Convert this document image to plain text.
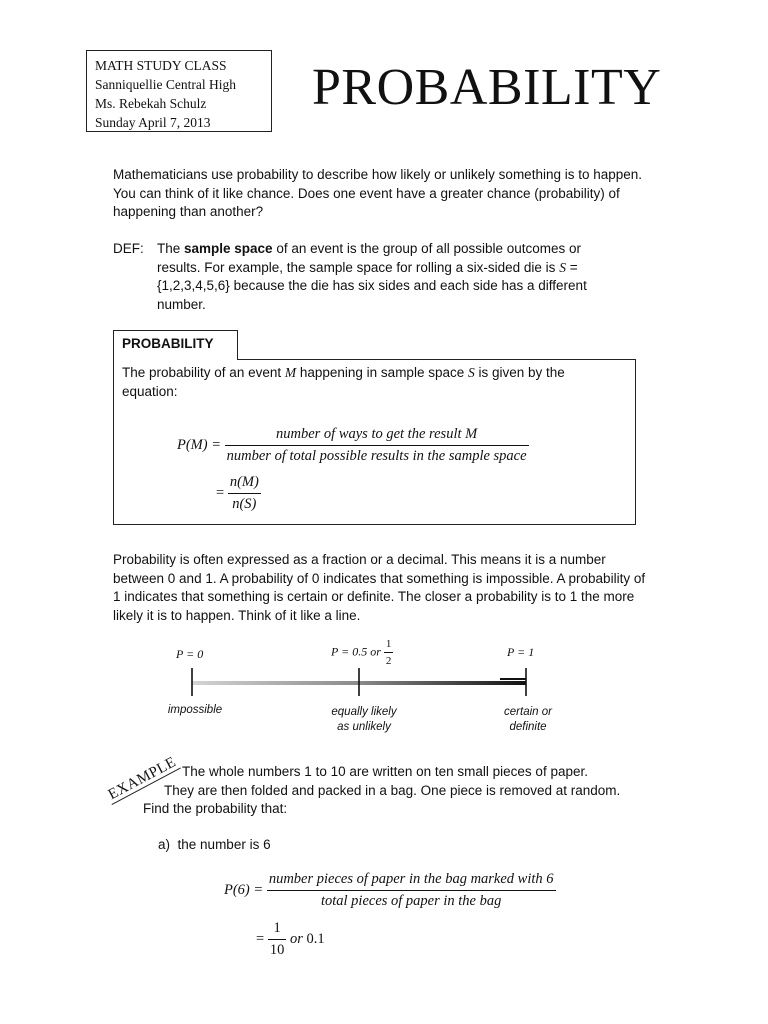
MATH STUDY CLASS
Sanniquellie Central High
Ms. Rebekah Schulz
Sunday April 7, 2013
PROBABILITY
Mathematicians use probability to describe how likely or unlikely something is to happen. You can think of it like chance. Does one event have a greater chance (probability) of happening than another?
DEF: The sample space of an event is the group of all possible outcomes or results. For example, the sample space for rolling a six-sided die is S = {1,2,3,4,5,6} because the die has six sides and each side has a different number.
PROBABILITY
The probability of an event M happening in sample space S is given by the equation:
$P(M) = \frac{\text{number of ways to get the result M}}{\text{number of total possible results in the sample space}}$
= $\frac{n(M)}{n(S)}$
Probability is often expressed as a fraction or a decimal. This means it is a number between 0 and 1. A probability of 0 indicates that something is impossible. A probability of 1 indicates that something is certain or definite. The closer a probability is to 1 the more likely it is to happen. Think of it like a line.
P = 0	P = 0.5 or $\frac{1}{2}$	P = 1
impossible	equally likely
as unlikely
certain or
definite
EXAMPLE The whole numbers 1 to 10 are written on ten small pieces of paper.
They are then folded and packed in a bag. One piece is removed at random.
Find the probability that:
a) the number is 6
$P(6) = \frac{\text{number pieces of paper in the bag marked with 6}}{\text{total pieces of paper in the bag}}$
= $\frac{1}{10}$ or 0.1
